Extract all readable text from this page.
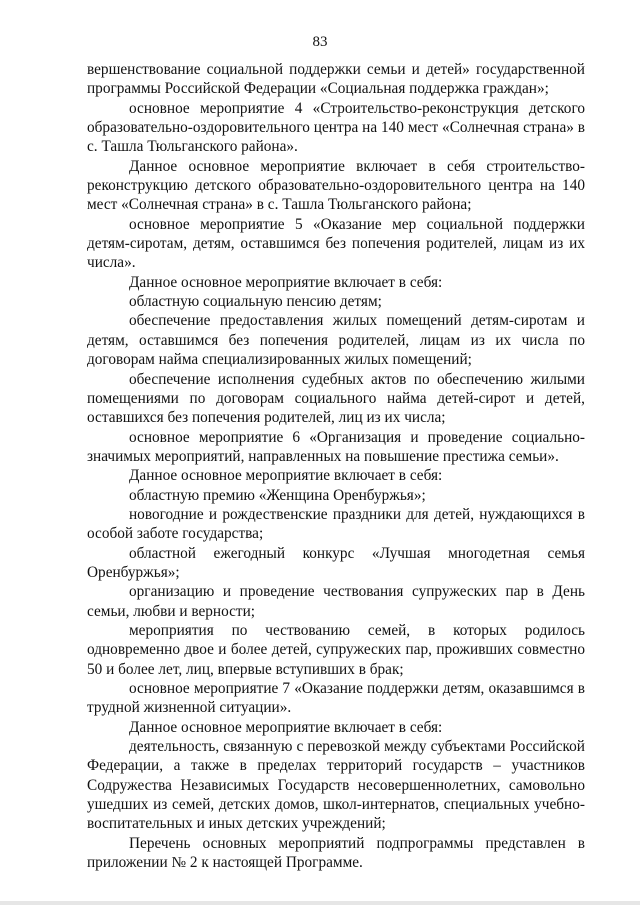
83

вершенствование социальной поддержки семьи и детей» государственной программы Российской Федерации «Социальная поддержка граждан»;

основное мероприятие 4 «Строительство-реконструкция детского образовательно-оздоровительного центра на 140 мест «Солнечная страна» в с. Ташла Тюльганского района».

Данное основное мероприятие включает в себя строительство-реконструкцию детского образовательно-оздоровительного центра на 140 мест «Солнечная страна» в с. Ташла Тюльганского района;

основное мероприятие 5 «Оказание мер социальной поддержки детям-сиротам, детям, оставшимся без попечения родителей, лицам из их числа».

Данное основное мероприятие включает в себя:

областную социальную пенсию детям;

обеспечение предоставления жилых помещений детям-сиротам и детям, оставшимся без попечения родителей, лицам из их числа по договорам найма специализированных жилых помещений;

обеспечение исполнения судебных актов по обеспечению жилыми помещениями по договорам социального найма детей-сирот и детей, оставшихся без попечения родителей, лиц из их числа;

основное мероприятие 6 «Организация и проведение социально-значимых мероприятий, направленных на повышение престижа семьи».

Данное основное мероприятие включает в себя:

областную премию «Женщина Оренбуржья»;

новогодние и рождественские праздники для детей, нуждающихся в особой заботе государства;

областной ежегодный конкурс «Лучшая многодетная семья Оренбуржья»;

организацию и проведение чествования супружеских пар в День семьи, любви и верности;

мероприятия по чествованию семей, в которых родилось одновременно двое и более детей, супружеских пар, проживших совместно 50 и более лет, лиц, впервые вступивших в брак;

основное мероприятие 7 «Оказание поддержки детям, оказавшимся в трудной жизненной ситуации».

Данное основное мероприятие включает в себя:

деятельность, связанную с перевозкой между субъектами Российской Федерации, а также в пределах территорий государств – участников Содружества Независимых Государств несовершеннолетних, самовольно ушедших из семей, детских домов, школ-интернатов, специальных учебно-воспитательных и иных детских учреждений;

Перечень основных мероприятий подпрограммы представлен в приложении № 2 к настоящей Программе.
